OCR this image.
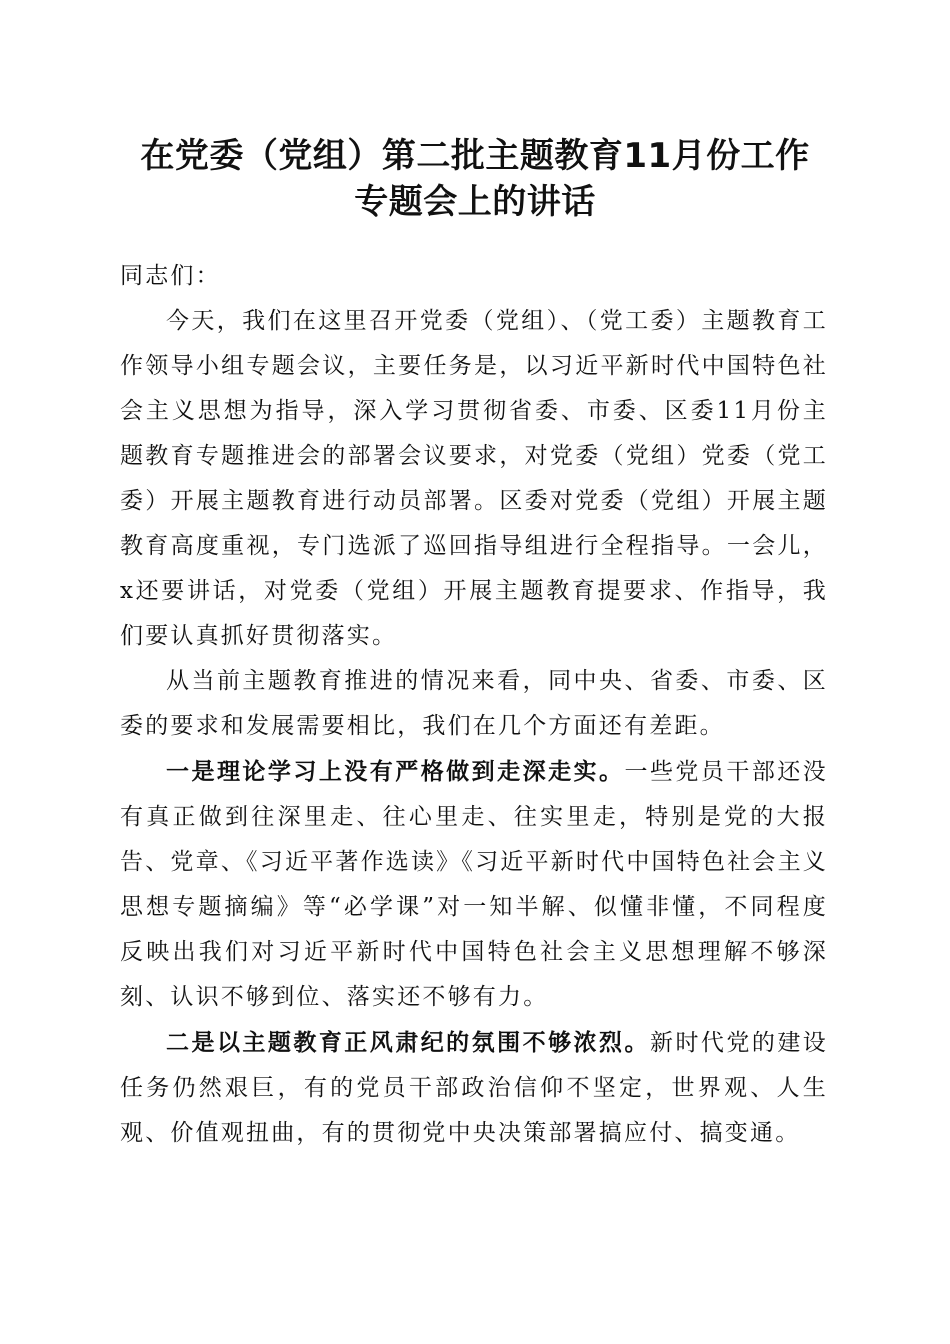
在党委（党组）第二批主题教育11月份工作
专题会上的讲话

同志们：

今天，我们在这里召开党委（党组）、（党工委）主题教育工作领导小组专题会议，主要任务是，以习近平新时代中国特色社会主义思想为指导，深入学习贯彻省委、市委、区委11月份主题教育专题推进会的部署会议要求，对党委（党组）党委（党工委）开展主题教育进行动员部署。区委对党委（党组）开展主题教育高度重视，专门选派了巡回指导组进行全程指导。一会儿，x还要讲话，对党委（党组）开展主题教育提要求、作指导，我们要认真抓好贯彻落实。

从当前主题教育推进的情况来看，同中央、省委、市委、区委的要求和发展需要相比，我们在几个方面还有差距。

一是理论学习上没有严格做到走深走实。一些党员干部还没有真正做到往深里走、往心里走、往实里走，特别是党的大报告、党章、《习近平著作选读》《习近平新时代中国特色社会主义思想专题摘编》等“必学课”对一知半解、似懂非懂，不同程度反映出我们对习近平新时代中国特色社会主义思想理解不够深刻、认识不够到位、落实还不够有力。

二是以主题教育正风肃纪的氛围不够浓烈。新时代党的建设任务仍然艰巨，有的党员干部政治信仰不坚定，世界观、人生观、价值观扭曲，有的贯彻党中央决策部署搞应付、搞变通。
